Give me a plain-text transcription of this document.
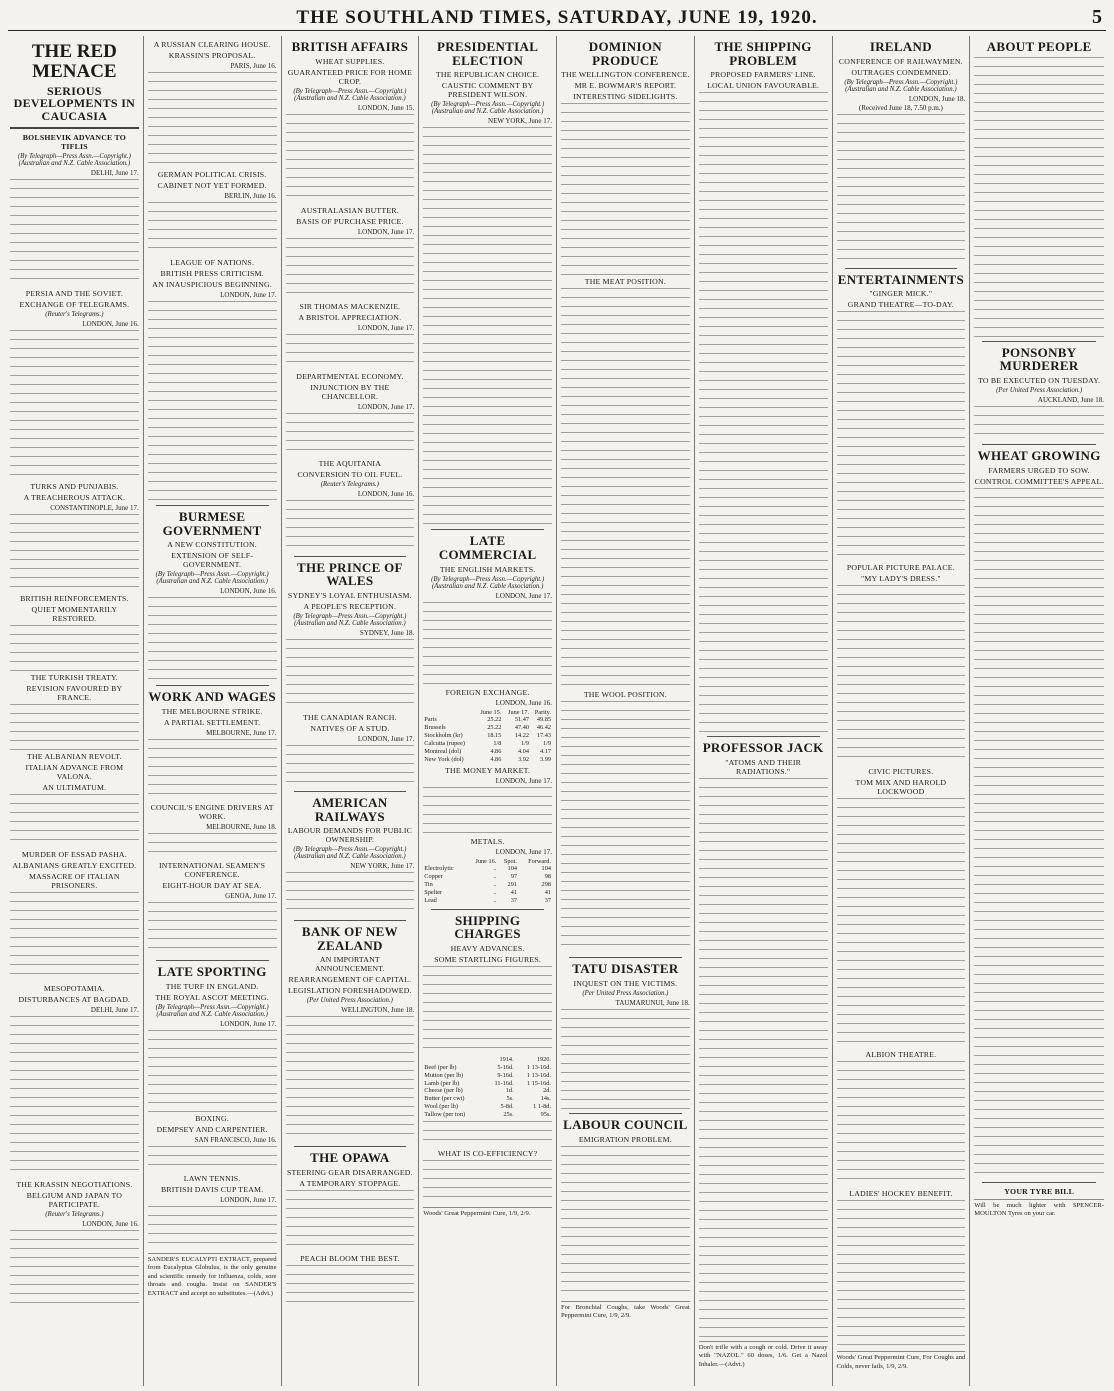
THE SOUTHLAND TIMES, SATURDAY, JUNE 19, 1920.	5
THE RED MENACE
SERIOUS DEVELOPMENTS IN CAUCASIA
BOLSHEVIK ADVANCE TO TIFLIS
(By Telegraph—Press Assn.—Copyright.) (Australian and N.Z. Cable Association.)
DELHI, June 17.
PERSIA AND THE SOVIET.
EXCHANGE OF TELEGRAMS.
(Reuter's Telegrams.)
LONDON, June 16.
TURKS AND PUNJABIS.
A TREACHEROUS ATTACK.
CONSTANTINOPLE, June 17.
BRITISH REINFORCEMENTS.
QUIET MOMENTARILY RESTORED.
THE TURKISH TREATY.
REVISION FAVOURED BY FRANCE.
THE ALBANIAN REVOLT.
ITALIAN ADVANCE FROM VALONA.
AN ULTIMATUM.
MURDER OF ESSAD PASHA.
ALBANIANS GREATLY EXCITED.
MASSACRE OF ITALIAN PRISONERS.
MESOPOTAMIA.
DISTURBANCES AT BAGDAD.
DELHI, June 17.
THE KRASSIN NEGOTIATIONS.
BELGIUM AND JAPAN TO PARTICIPATE.
(Reuter's Telegrams.)
LONDON, June 16.
A RUSSIAN CLEARING HOUSE.
KRASSIN'S PROPOSAL.
PARIS, June 16.
GERMAN POLITICAL CRISIS.
CABINET NOT YET FORMED.
BERLIN, June 16.
LEAGUE OF NATIONS.
BRITISH PRESS CRITICISM.
AN INAUSPICIOUS BEGINNING.
LONDON, June 17.
BURMESE GOVERNMENT
A NEW CONSTITUTION.
EXTENSION OF SELF-GOVERNMENT.
(By Telegraph—Press Assn.—Copyright.) (Australian and N.Z. Cable Association.)
LONDON, June 16.
WORK AND WAGES
THE MELBOURNE STRIKE.
A PARTIAL SETTLEMENT.
MELBOURNE, June 17.
COUNCIL'S ENGINE DRIVERS AT WORK.
MELBOURNE, June 18.
INTERNATIONAL SEAMEN'S CONFERENCE.
EIGHT-HOUR DAY AT SEA.
GENOA, June 17.
LATE SPORTING
THE TURF IN ENGLAND.
THE ROYAL ASCOT MEETING.
(By Telegraph—Press Assn.—Copyright.) (Australian and N.Z. Cable Association.)
LONDON, June 17.
BOXING.
DEMPSEY AND CARPENTIER.
SAN FRANCISCO, June 16.
LAWN TENNIS.
BRITISH DAVIS CUP TEAM.
LONDON, June 17.
SANDER'S EUCALYPTI EXTRACT, prepared from Eucalyptus Globulus, is the only genuine and scientific remedy for influenza, colds, sore throats and coughs. Insist on SANDER'S EXTRACT and accept no substitutes.—(Advt.)
BRITISH AFFAIRS
WHEAT SUPPLIES.
GUARANTEED PRICE FOR HOME CROP.
(By Telegraph—Press Assn.—Copyright.) (Australian and N.Z. Cable Association.)
LONDON, June 15.
AUSTRALASIAN BUTTER.
BASIS OF PURCHASE PRICE.
LONDON, June 17.
SIR THOMAS MACKENZIE.
A BRISTOL APPRECIATION.
LONDON, June 17.
DEPARTMENTAL ECONOMY.
INJUNCTION BY THE CHANCELLOR.
LONDON, June 17.
THE AQUITANIA
CONVERSION TO OIL FUEL.
(Reuter's Telegrams.)
LONDON, June 16.
THE PRINCE OF WALES
SYDNEY'S LOYAL ENTHUSIASM.
A PEOPLE'S RECEPTION.
(By Telegraph—Press Assn.—Copyright.) (Australian and N.Z. Cable Association.)
SYDNEY, June 18.
THE CANADIAN RANCH.
NATIVES OF A STUD.
LONDON, June 17.
AMERICAN RAILWAYS
LABOUR DEMANDS FOR PUBLIC OWNERSHIP.
(By Telegraph—Press Assn.—Copyright.) (Australian and N.Z. Cable Association.)
NEW YORK, June 17.
BANK OF NEW ZEALAND
AN IMPORTANT ANNOUNCEMENT.
REARRANGEMENT OF CAPITAL.
LEGISLATION FORESHADOWED.
(Per United Press Association.)
WELLINGTON, June 18.
THE OPAWA
STEERING GEAR DISARRANGED.
A TEMPORARY STOPPAGE.
PEACH BLOOM THE BEST.
PRESIDENTIAL ELECTION
THE REPUBLICAN CHOICE.
CAUSTIC COMMENT BY PRESIDENT WILSON.
(By Telegraph—Press Assn.—Copyright.) (Australian and N.Z. Cable Association.)
NEW YORK, June 17.
LATE COMMERCIAL
THE ENGLISH MARKETS.
(By Telegraph—Press Assn.—Copyright.) (Australian and N.Z. Cable Association.)
LONDON, June 17.
FOREIGN EXCHANGE.
LONDON, June 16.
	June 15.	June 17.	Parity.
Paris	25.22	51.47	49.85
Brussels	25.22	47.40	46.42
Stockholm (kr)	18.15	14.22	17.43
Calcutta (rupee)	1/8	1/9	1/9
Montreal (dol)	4.86	4.04	4.17
New York (dol)	4.86	3.92	3.99
THE MONEY MARKET.
LONDON, June 17.
METALS.
LONDON, June 17.
	June 16.	Spot.	Forward.
Electrolytic	..	104	104
Copper	..	97	98
Tin	..	291	298
Spelter	..	41	41
Lead	..	37	37
SHIPPING CHARGES
HEAVY ADVANCES.
SOME STARTLING FIGURES.
	1914.	1920.
Beef (per lb)	5-16d.	1 13-16d.
Mutton (per lb)	9-16d.	1 13-16d.
Lamb (per lb)	11-16d.	1 15-16d.
Cheese (per lb)	1d.	2d.
Butter (per cwt)	5s.	14s.
Wool (per lb)	5-8d.	1 1-8d.
Tallow (per ton)	25s.	95s.
WHAT IS CO-EFFICIENCY?
Woods' Great Peppermint Cure, 1/9, 2/9.
DOMINION PRODUCE
THE WELLINGTON CONFERENCE.
MR E. BOWMAR'S REPORT.
INTERESTING SIDELIGHTS.
THE MEAT POSITION.
THE WOOL POSITION.
TATU DISASTER
INQUEST ON THE VICTIMS.
(Per United Press Association.)
TAUMARUNUI, June 18.
LABOUR COUNCIL
EMIGRATION PROBLEM.
For Bronchial Coughs, take Woods' Great Peppermint Cure, 1/9, 2/9.
THE SHIPPING PROBLEM
PROPOSED FARMERS' LINE.
LOCAL UNION FAVOURABLE.
PROFESSOR JACK
"ATOMS AND THEIR RADIATIONS."
Don't trifle with a cough or cold. Drive it away with "NAZOL." 60 doses, 1/6. Get a Nazol Inhaler.—(Advt.)
IRELAND
CONFERENCE OF RAILWAYMEN.
OUTRAGES CONDEMNED.
(By Telegraph—Press Assn.—Copyright.) (Australian and N.Z. Cable Association.)
LONDON, June 18.
(Received June 18, 7.50 p.m.)
ENTERTAINMENTS
"GINGER MICK."
GRAND THEATRE—TO-DAY.
POPULAR PICTURE PALACE.
"MY LADY'S DRESS."
CIVIC PICTURES.
TOM MIX AND HAROLD LOCKWOOD
ALBION THEATRE.
LADIES' HOCKEY BENEFIT.
Woods' Great Peppermint Cure, For Coughs and Colds, never fails, 1/9, 2/9.
ABOUT PEOPLE
PONSONBY MURDERER
TO BE EXECUTED ON TUESDAY.
(Per United Press Association.)
AUCKLAND, June 18.
WHEAT GROWING
FARMERS URGED TO SOW.
CONTROL COMMITTEE'S APPEAL.
YOUR TYRE BILL
Will be much lighter with SPENCER-MOULTON Tyres on your car.
